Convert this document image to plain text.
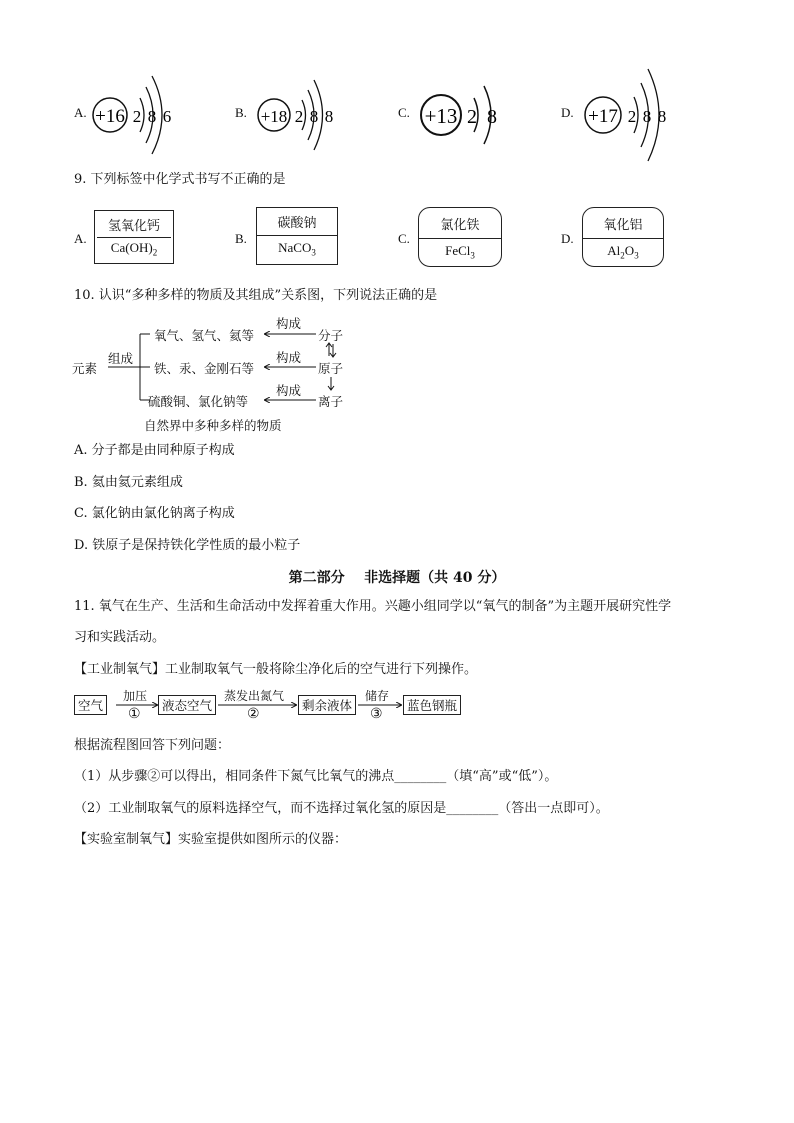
A. +16 2 8 6	B. +18 2 8 8	C. +13 2 8	D. +17 2 8 8
9. 下列标签中化学式书写不正确的是
A.
氢氧化钙
$Ca(OH)_2$
B.
碳酸钠
NaCO$_3$
C.
氯化铁
FeCl$_3$
D.
氧化铝
$Al_2O_3$
10. 认识“多种多样的物质及其组成”关系图，下列说法正确的是
元素
组成
氧气、氢气、氦等
铁、汞、金刚石等
硫酸铜、氯化钠等
构成
构成
构成
分子
原子
离子
自然界中多种多样的物质
A. 分子都是由同种原子构成
B. 氦由氦元素组成
C. 氯化钠由氯化钠离子构成
D. 铁原子是保持铁化学性质的最小粒子
第二部分    非选择题（共 40 分）
11. 氧气在生产、生活和生命活动中发挥着重大作用。兴趣小组同学以“氧气的制备”为主题开展研究性学
习和实践活动。
【工业制氧气】工业制取氧气一般将除尘净化后的空气进行下列操作。
空气	液态空气	剩余液体	蓝色钢瓶
加压	蒸发出氮气	储存
①	②	③
根据流程图回答下列问题：
（1）从步骤②可以得出，相同条件下氮气比氧气的沸点________（填“高”或“低”）。
（2）工业制取氧气的原料选择空气，而不选择过氧化氢的原因是________（答出一点即可）。
【实验室制氧气】实验室提供如图所示的仪器：
